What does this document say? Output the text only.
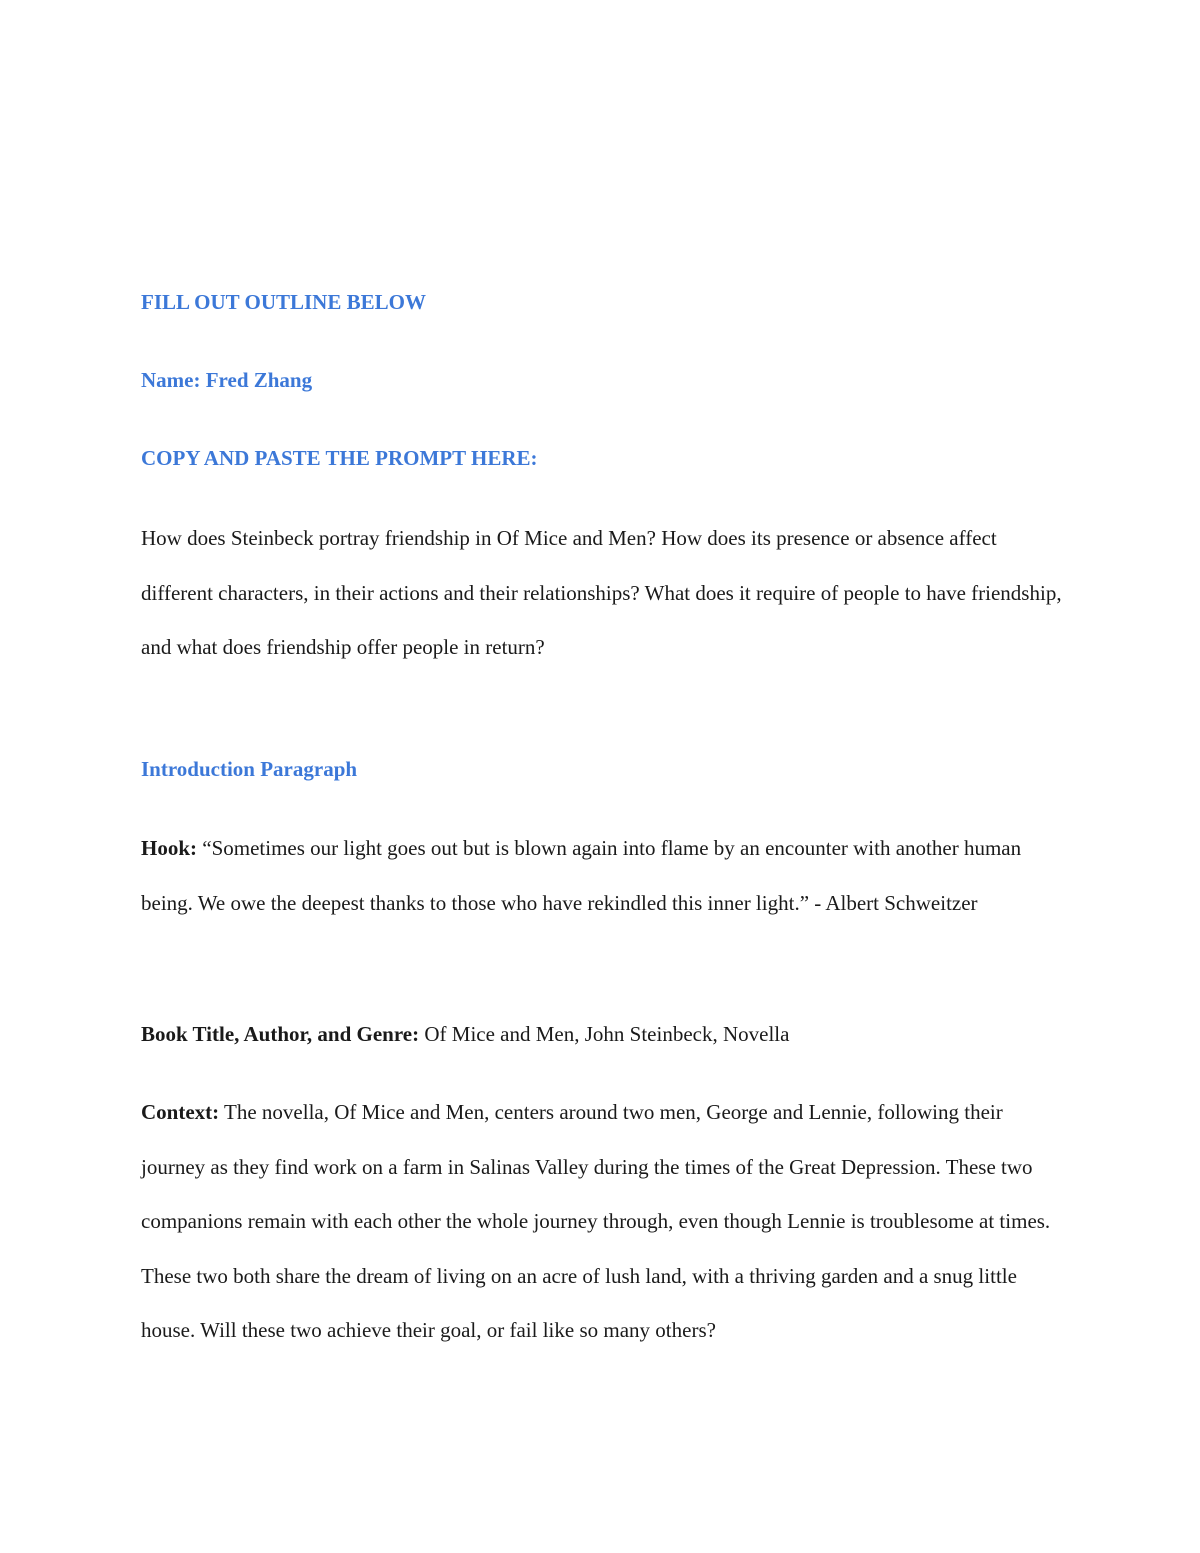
FILL OUT OUTLINE BELOW
Name: Fred Zhang
COPY AND PASTE THE PROMPT HERE:

How does Steinbeck portray friendship in Of Mice and Men? How does its presence or absence affect different characters, in their actions and their relationships? What does it require of people to have friendship, and what does friendship offer people in return?

Introduction Paragraph

Hook: “Sometimes our light goes out but is blown again into flame by an encounter with another human being. We owe the deepest thanks to those who have rekindled this inner light.” - Albert Schweitzer

Book Title, Author, and Genre: Of Mice and Men, John Steinbeck, Novella

Context: The novella, Of Mice and Men, centers around two men, George and Lennie, following their journey as they find work on a farm in Salinas Valley during the times of the Great Depression. These two companions remain with each other the whole journey through, even though Lennie is troublesome at times. These two both share the dream of living on an acre of lush land, with a thriving garden and a snug little house. Will these two achieve their goal, or fail like so many others?
